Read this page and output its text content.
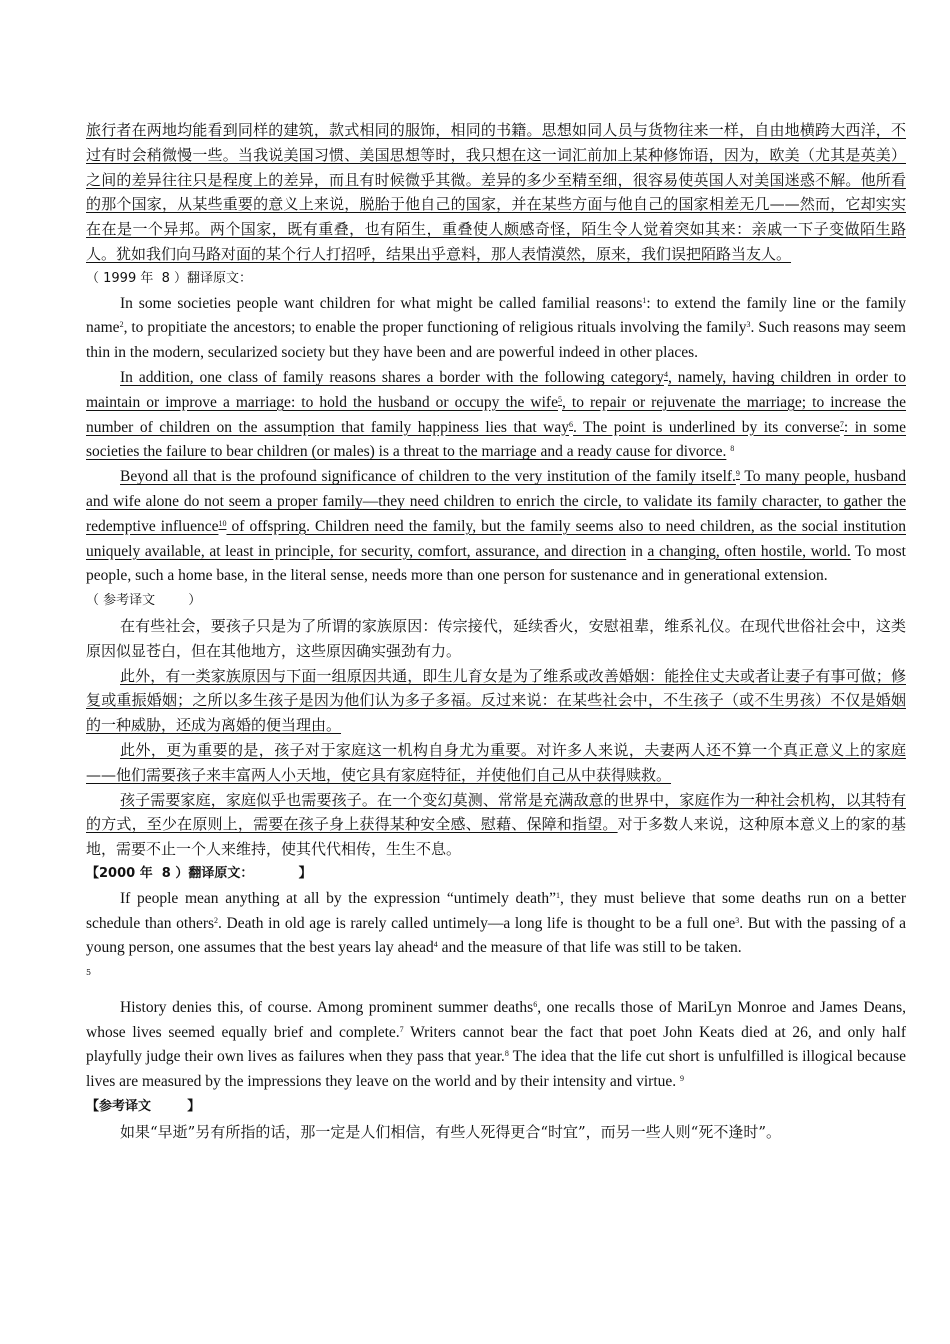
旅行者在两地均能看到同样的建筑，款式相同的服饰，相同的书籍。思想如同人员与货物往来一样，自由地横跨大西洋，不过有时会稍微慢一些。当我说美国习惯、美国思想等时，我只想在这一词汇前加上某种修饰语，因为，欧美（尤其是英美）之间的差异往往只是程度上的差异，而且有时候微乎其微。差异的多少至精至细，很容易使英国人对美国迷惑不解。他所看的那个国家，从某些重要的意义上来说，脱胎于他自己的国家，并在某些方面与他自己的国家相差无几——然而，它却实实在在是一个异邦。两个国家，既有重叠，也有陌生，重叠使人颇感奇怪，陌生令人觉着突如其来：亲戚一下子变做陌生路人。犹如我们向马路对面的某个行人打招呼，结果出乎意料，那人表情漠然，原来，我们误把陌路当友人。

（ 1999 年  8 ）翻译原文：

In some societies people want children for what might be called familial reasons$^1$: to extend the family line or the family name$^2$, to propitiate the ancestors; to enable the proper functioning of religious rituals involving the family$^3$. Such reasons may seem thin in the modern, secularized society but they have been and are powerful indeed in other places.

In addition, one class of family reasons shares a border with the following category$^4$, namely, having children in order to maintain or improve a marriage: to hold the husband or occupy the wife$^5$, to repair or rejuvenate the marriage; to increase the number of children on the assumption that family happiness lies that way$^6$. The point is underlined by its converse$^7$: in some societies the failure to bear children (or males) is a threat to the marriage and a ready cause for divorce. $^8$

Beyond all that is the profound significance of children to the very institution of the family itself.$^9$ To many people, husband and wife alone do not seem a proper family—they need children to enrich the circle, to validate its family character, to gather the redemptive influence$^{10}$ of offspring. Children need the family, but the family seems also to need children, as the social institution uniquely available, at least in principle, for security, comfort, assurance, and direction in a changing, often hostile, world. To most people, such a home base, in the literal sense, needs more than one person for sustenance and in generational extension.

（ 参考译文        ）

在有些社会，要孩子只是为了所谓的家族原因：传宗接代，延续香火，安慰祖辈，维系礼仪。在现代世俗社会中，这类原因似显苍白，但在其他地方，这些原因确实强劲有力。

此外，有一类家族原因与下面一组原因共通，即生儿育女是为了维系或改善婚姻：能拴住丈夫或者让妻子有事可做；修复或重振婚姻；之所以多生孩子是因为他们认为多子多福。反过来说：在某些社会中，不生孩子（或不生男孩）不仅是婚姻的一种威胁，还成为离婚的便当理由。

此外，更为重要的是，孩子对于家庭这一机构自身尤为重要。对许多人来说，夫妻两人还不算一个真正意义上的家庭——他们需要孩子来丰富两人小天地，使它具有家庭特征，并使他们自己从中获得赎救。

孩子需要家庭，家庭似乎也需要孩子。在一个变幻莫测、常常是充满敌意的世界中，家庭作为一种社会机构，以其特有的方式，至少在原则上，需要在孩子身上获得某种安全感、慰藉、保障和指望。对于多数人来说，这种原本意义上的家的基地，需要不止一个人来维持，使其代代相传，生生不息。

【2000 年  8 ）翻译原文：          】

If people mean anything at all by the expression “untimely death”$^1$, they must believe that some deaths run on a better schedule than others$^2$. Death in old age is rarely called untimely—a long life is thought to be a full one$^3$. But with the passing of a young person, one assumes that the best years lay ahead$^4$ and the measure of that life was still to be taken.

5

History denies this, of course. Among prominent summer deaths$^6$, one recalls those of MariLyn Monroe and James Deans, whose lives seemed equally brief and complete.$^7$ Writers cannot bear the fact that poet John Keats died at 26, and only half playfully judge their own lives as failures when they pass that year.$^8$ The idea that the life cut short is unfulfilled is illogical because lives are measured by the impressions they leave on the world and by their intensity and virtue. $^9$

【参考译文        】

如果“早逝”另有所指的话，那一定是人们相信，有些人死得更合“时宜”，而另一些人则“死不逢时”。
